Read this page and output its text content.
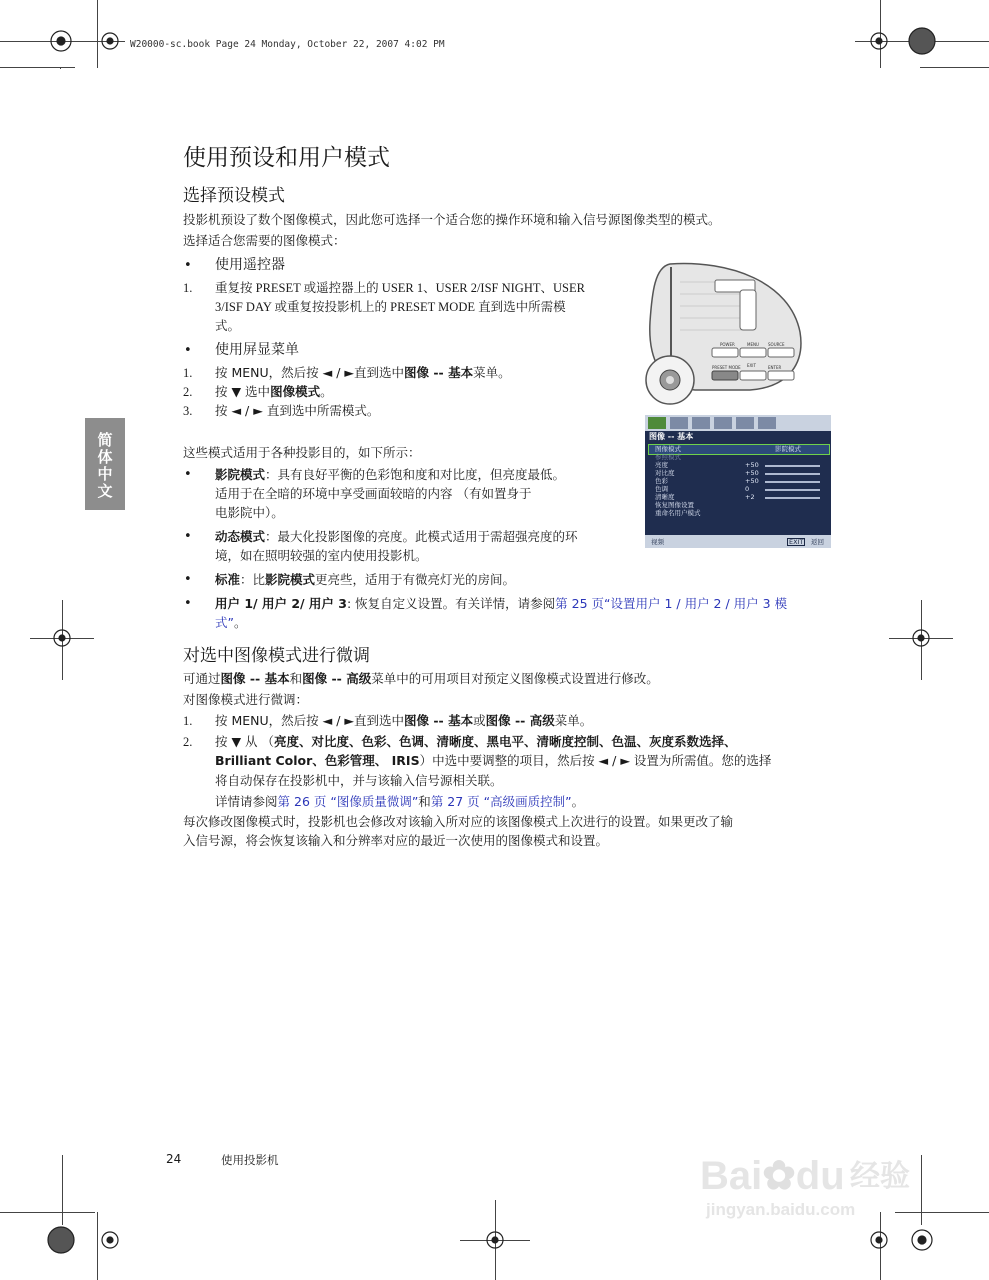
W20000-sc.book Page 24 Monday, October 22, 2007 4:02 PM
简
体
中
文
使用预设和用户模式
选择预设模式
投影机预设了数个图像模式，因此您可选择一个适合您的操作环境和输入信号源图像类型的模式。
选择适合您需要的图像模式：
• 使用遥控器
1. 重复按 PRESET 或遥控器上的 USER 1、USER 2/ISF NIGHT、USER
3/ISF DAY 或重复按投影机上的 PRESET MODE 直到选中所需模
式。
• 使用屏显菜单
1. 按 MENU，然后按 ◄ / ►直到选中图像 -- 基本菜单。
2. 按 ▼ 选中图像模式。
3. 按 ◄ / ► 直到选中所需模式。
这些模式适用于各种投影目的，如下所示：
• 影院模式：具有良好平衡的色彩饱和度和对比度，但亮度最低。
适用于在全暗的环境中享受画面较暗的内容 （有如置身于
电影院中）。
• 动态模式：最大化投影图像的亮度。此模式适用于需超强亮度的环
境，如在照明较强的室内使用投影机。
• 标准：比影院模式更亮些，适用于有微亮灯光的房间。
• 用户 1/ 用户 2/ 用户 3: 恢复自定义设置。有关详情，请参阅第 25 页“设置用户 1 / 用户 2 / 用户 3 模
式”。
对选中图像模式进行微调
可通过图像 -- 基本和图像 -- 高级菜单中的可用项目对预定义图像模式设置进行修改。
对图像模式进行微调：
1. 按 MENU，然后按 ◄ / ►直到选中图像 -- 基本或图像 -- 高级菜单。
2. 按 ▼ 从 （亮度、对比度、色彩、色调、清晰度、黑电平、清晰度控制、色温、灰度系数选择、
Brilliant Color、色彩管理、 IRIS）中选中要调整的项目，然后按 ◄ / ► 设置为所需值。您的选择
将自动保存在投影机中，并与该输入信号源相关联。
详情请参阅第 26 页 “图像质量微调”和第 27 页 “高级画质控制”。
每次修改图像模式时，投影机也会修改对该输入所对应的该图像模式上次进行的设置。如果更改了输
入信号源，将会恢复该输入和分辨率对应的最近一次使用的图像模式和设置。
POWER	MENU SOURCE
PRESET MODE EXIT	ENTER
图像 -- 基本
图像模式	影院模式
参照模式
亮度	+50
对比度	+50
色彩	+50
色调	0
清晰度	+2
恢复图像设置
重命名用户模式
视频	EXIT	返回
24	使用投影机	Bai✿du 经验
jingyan.baidu.com
